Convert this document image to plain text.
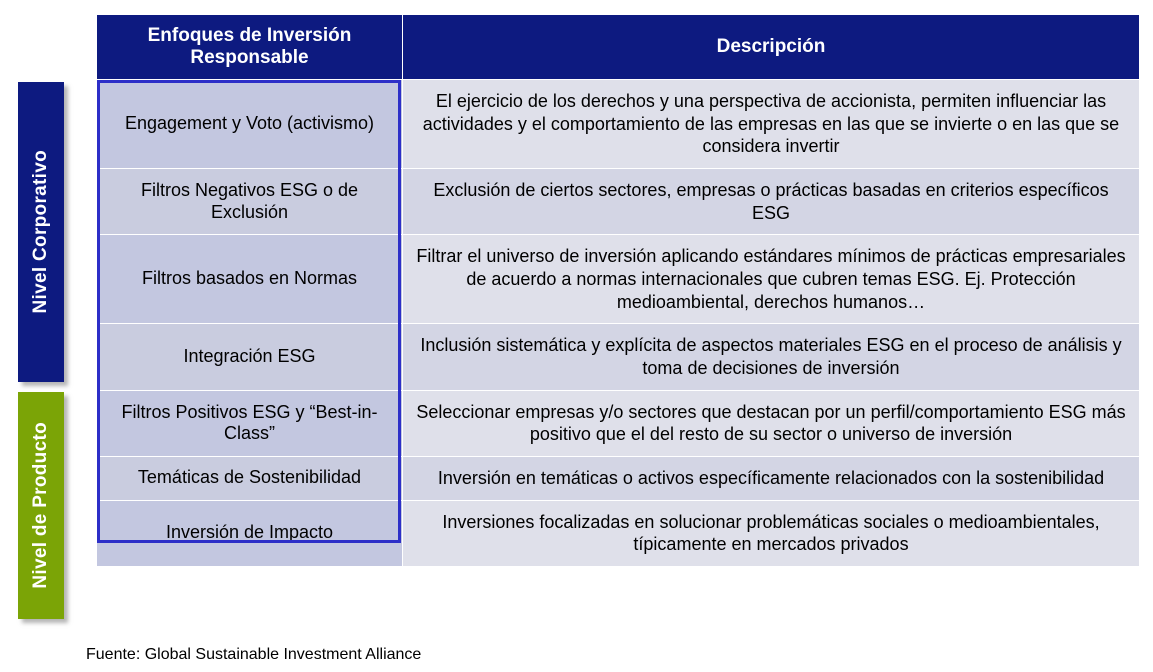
Nivel Corporativo
Nivel de Producto
Enfoques de Inversión Responsable	Descripción
Engagement y Voto (activismo)	El ejercicio de los derechos y una perspectiva de accionista, permiten influenciar las actividades y el comportamiento de las empresas en las que se invierte o en las que se considera invertir
Filtros Negativos ESG o de Exclusión	Exclusión de ciertos sectores, empresas o prácticas basadas en criterios específicos ESG
Filtros basados en Normas	Filtrar el universo de inversión aplicando estándares mínimos de prácticas empresariales de acuerdo a normas internacionales que cubren temas ESG. Ej. Protección medioambiental, derechos humanos…
Integración ESG	Inclusión sistemática y explícita de aspectos materiales ESG en el proceso de análisis y toma de decisiones de inversión
Filtros Positivos ESG y “Best-in-Class”	Seleccionar empresas y/o sectores que destacan por un perfil/comportamiento ESG más positivo que el del resto de su sector o universo de inversión
Temáticas de Sostenibilidad	Inversión en temáticas o activos específicamente relacionados con la sostenibilidad
Inversión de Impacto	Inversiones focalizadas en solucionar problemáticas sociales o medioambientales, típicamente en mercados privados
Fuente: Global Sustainable Investment Alliance
